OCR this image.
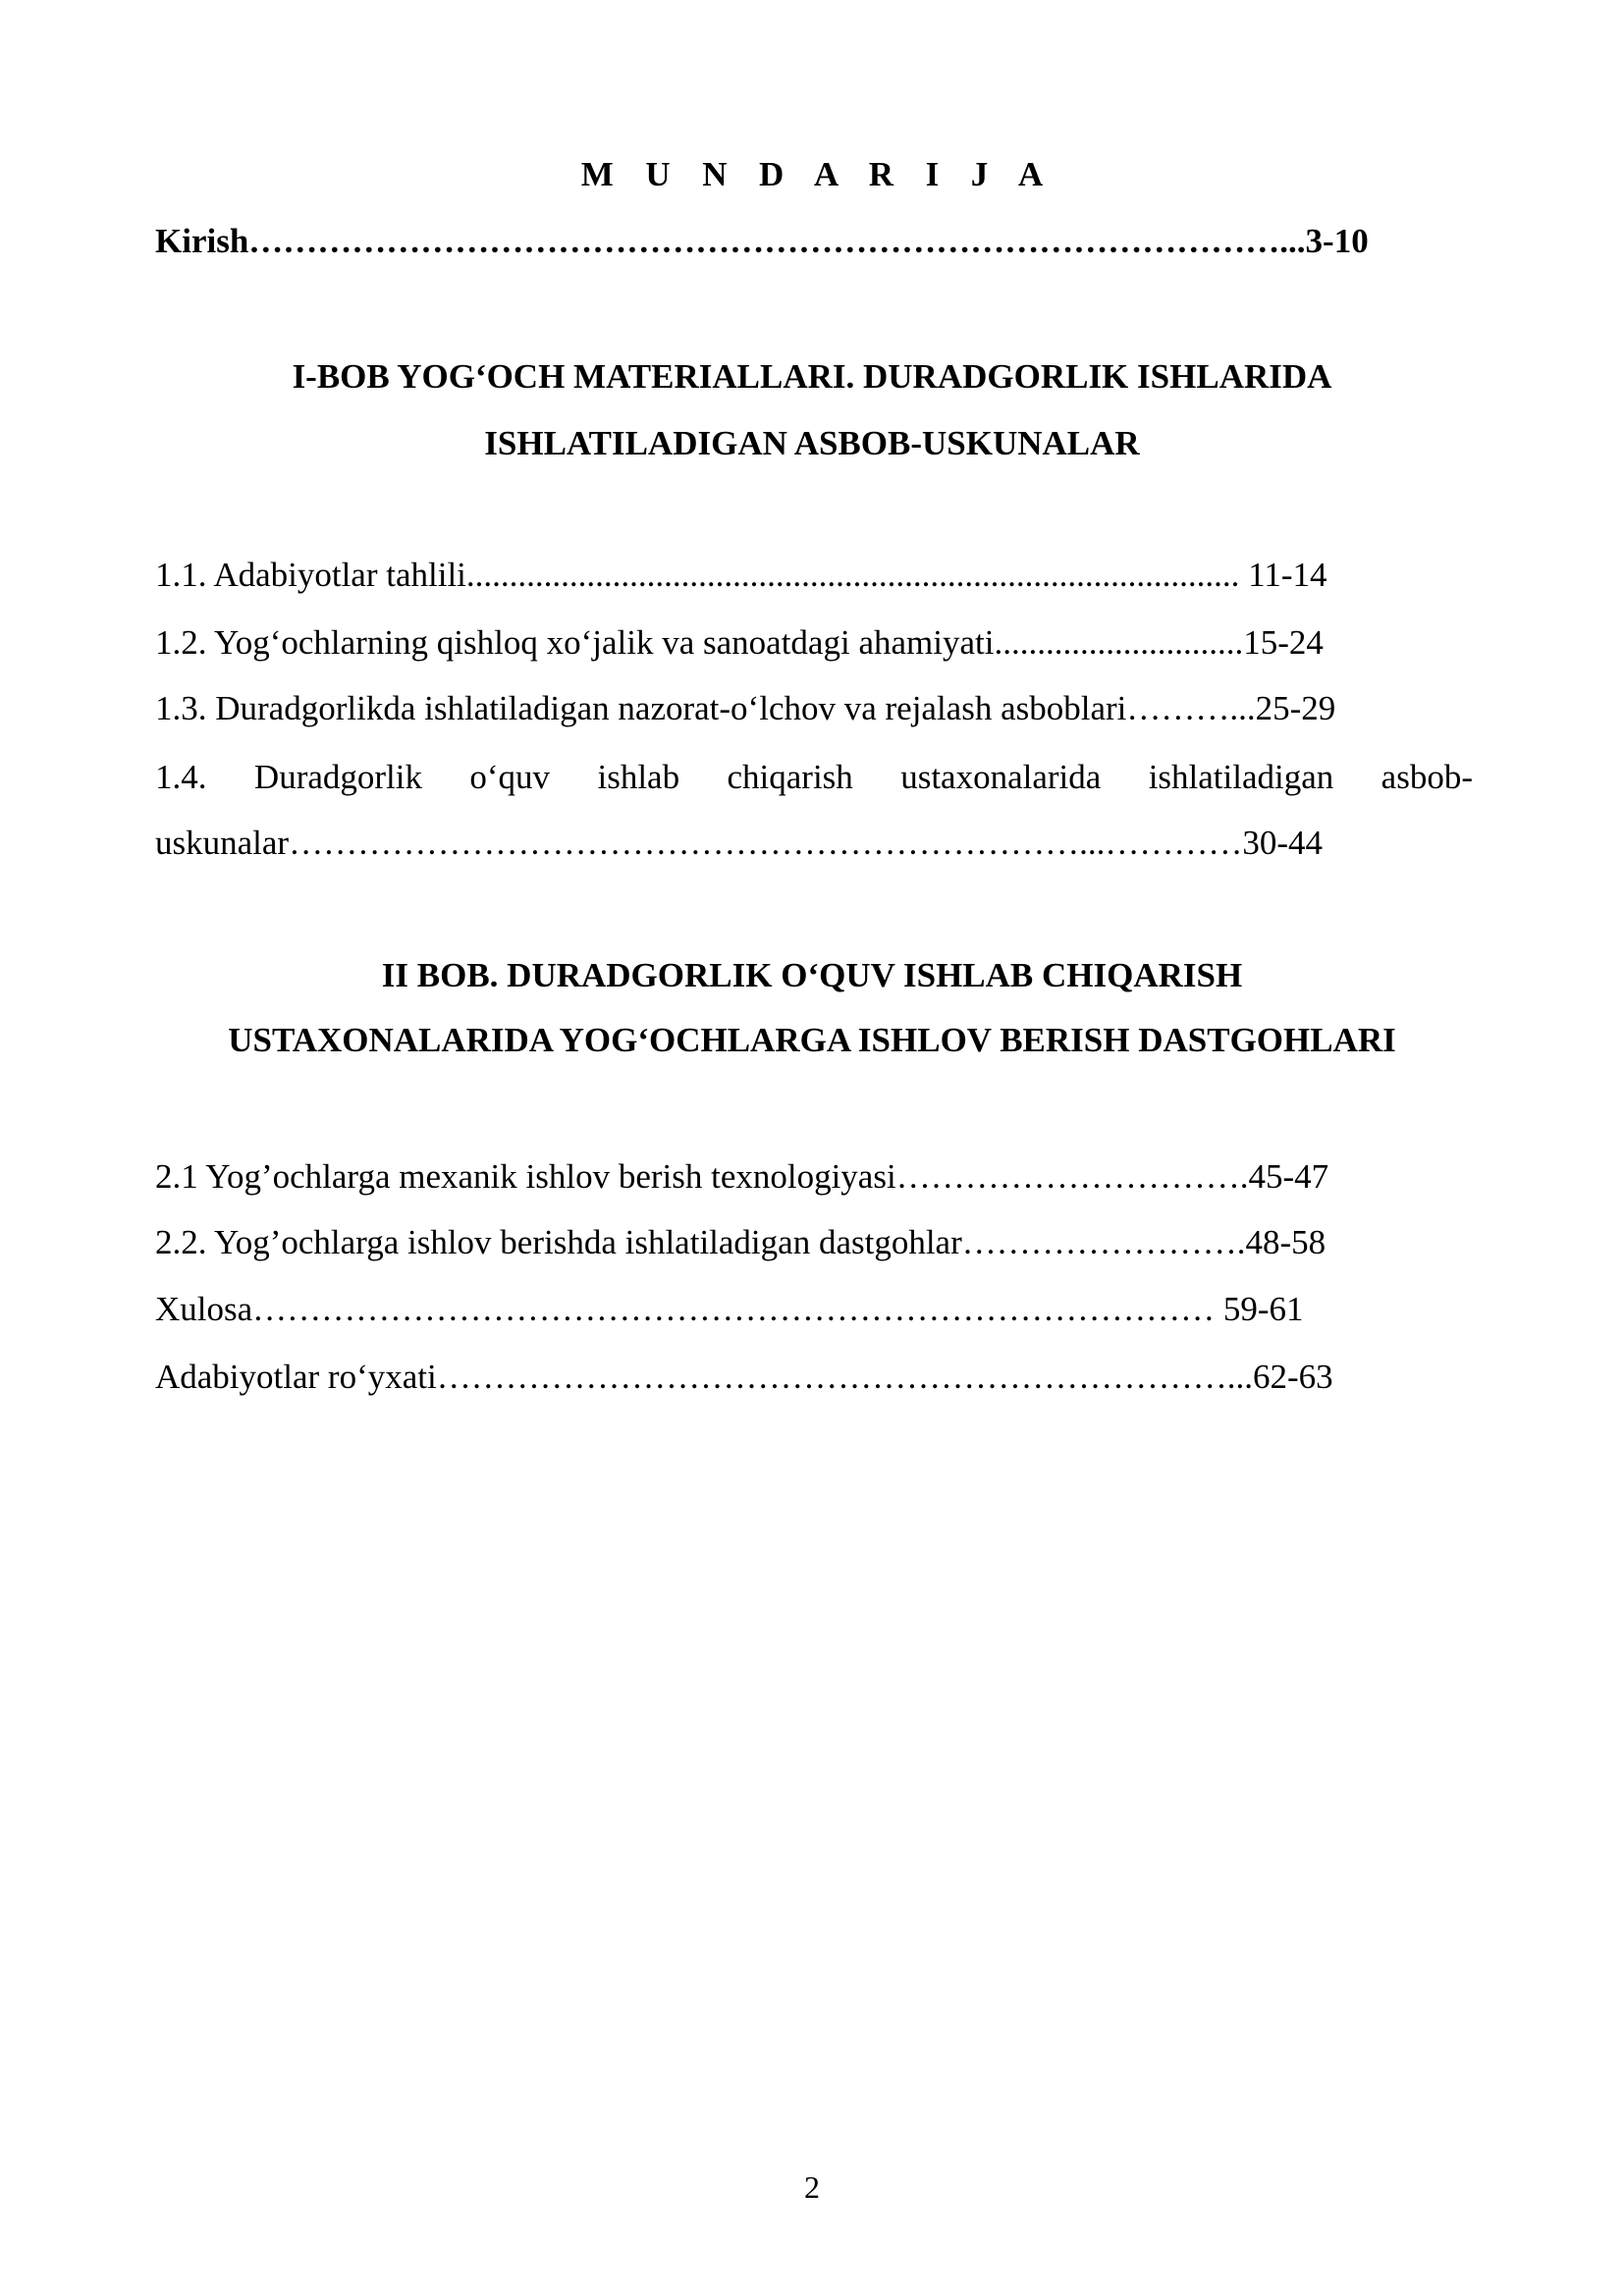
M U N D A R I J A
Kirish………………………………………………………………………………...3-10
I-BOB YOG‘OCH MATERIALLARI. DURADGORLIK ISHLARIDA
ISHLATILADIGAN ASBOB-USKUNALAR
1.1. Adabiyotlar tahlili.......................................................................................... 11-14
1.2. Yog‘ochlarning qishloq xo‘jalik va sanoatdagi ahamiyati.............................15-24
1.3. Duradgorlikda ishlatiladigan nazorat-o‘lchov va rejalash asboblari………...25-29
1.4. Duradgorlik o‘quv ishlab chiqarish ustaxonalarida ishlatiladigan asbob-
uskunalar……………………………………………………………...…………30-44
II BOB. DURADGORLIK O‘QUV ISHLAB CHIQARISH
USTAXONALARIDA YOG‘OCHLARGA ISHLOV BERISH DASTGOHLARI
2.1 Yog’ochlarga mexanik ishlov berish texnologiyasi………………………….45-47
2.2. Yog’ochlarga ishlov berishda ishlatiladigan dastgohlar…………………….48-58
Xulosa………………………………………………………………………… 59-61
Adabiyotlar ro‘yxati……………………………………………………………...62-63
2
